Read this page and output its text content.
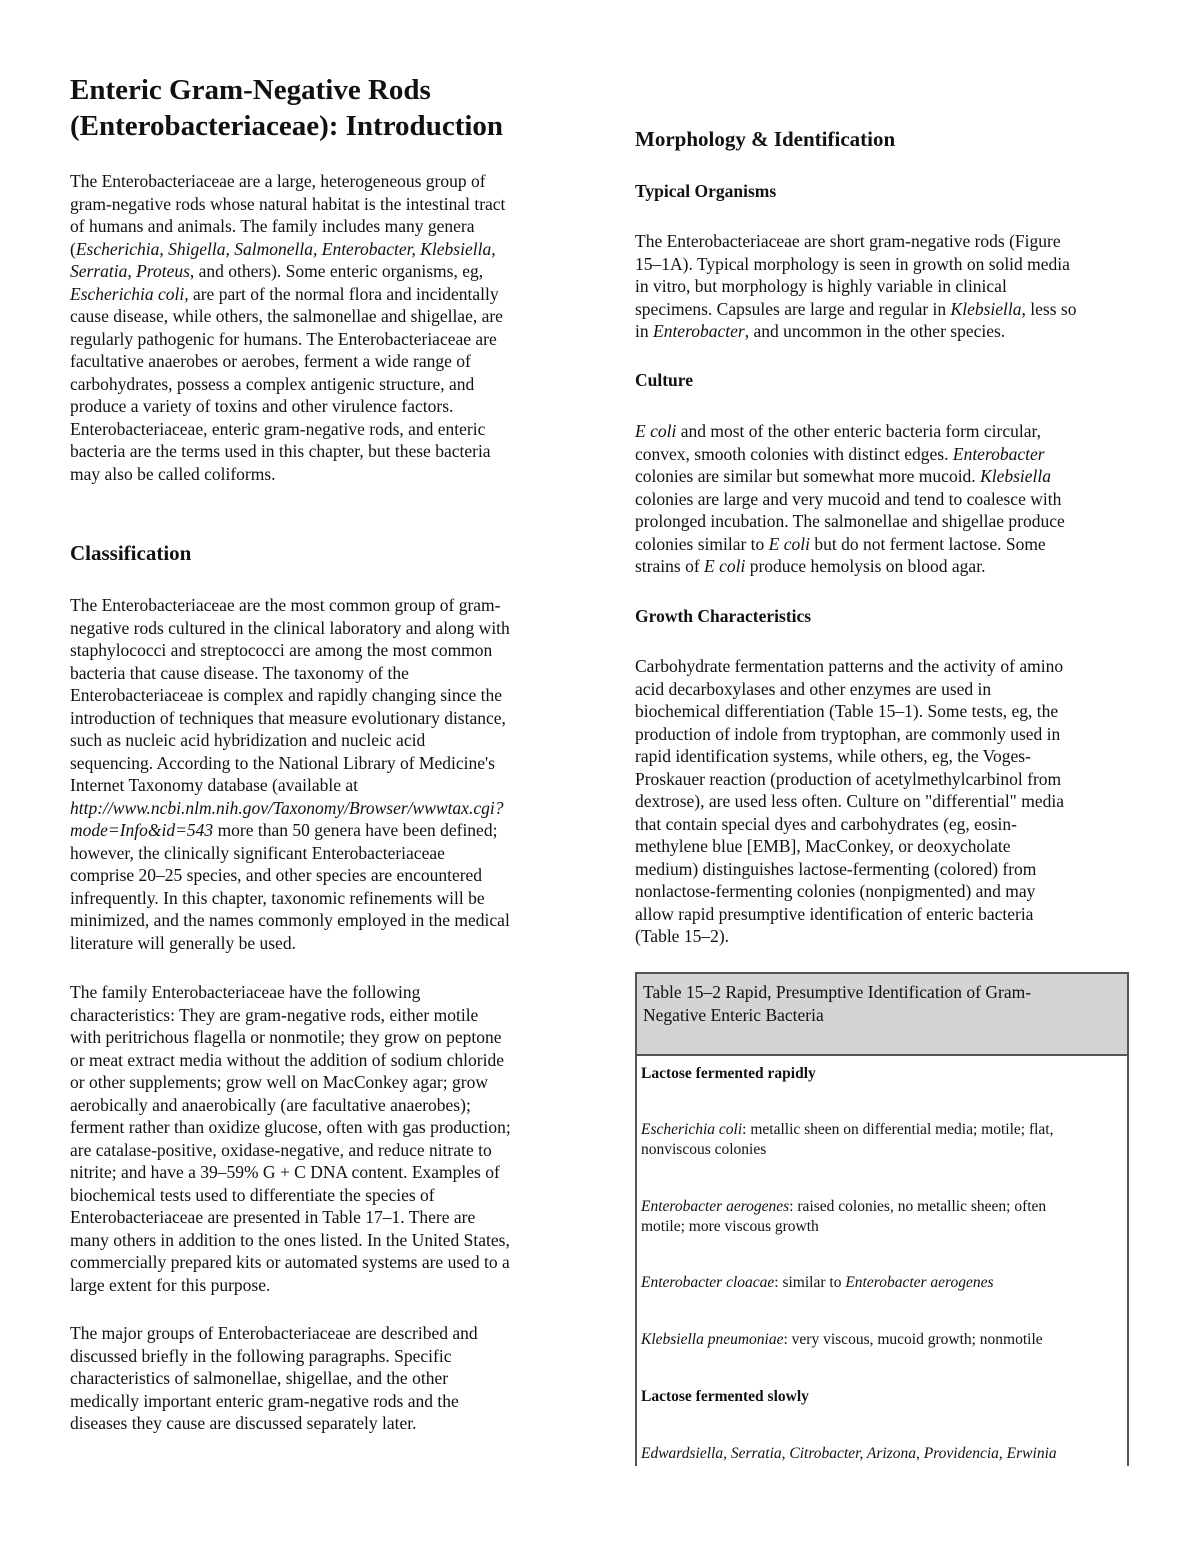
Enteric Gram-Negative Rods
(Enterobacteriaceae): Introduction
The Enterobacteriaceae are a large, heterogeneous group of
gram-negative rods whose natural habitat is the intestinal tract
of humans and animals. The family includes many genera
(Escherichia, Shigella, Salmonella, Enterobacter, Klebsiella,
Serratia, Proteus, and others). Some enteric organisms, eg,
Escherichia coli, are part of the normal flora and incidentally
cause disease, while others, the salmonellae and shigellae, are
regularly pathogenic for humans. The Enterobacteriaceae are
facultative anaerobes or aerobes, ferment a wide range of
carbohydrates, possess a complex antigenic structure, and
produce a variety of toxins and other virulence factors.
Enterobacteriaceae, enteric gram-negative rods, and enteric
bacteria are the terms used in this chapter, but these bacteria
may also be called coliforms.
Classification
The Enterobacteriaceae are the most common group of gram-
negative rods cultured in the clinical laboratory and along with
staphylococci and streptococci are among the most common
bacteria that cause disease. The taxonomy of the
Enterobacteriaceae is complex and rapidly changing since the
introduction of techniques that measure evolutionary distance,
such as nucleic acid hybridization and nucleic acid
sequencing. According to the National Library of Medicine's
Internet Taxonomy database (available at
http://www.ncbi.nlm.nih.gov/Taxonomy/Browser/wwwtax.cgi?
mode=Info&id=543 more than 50 genera have been defined;
however, the clinically significant Enterobacteriaceae
comprise 20–25 species, and other species are encountered
infrequently. In this chapter, taxonomic refinements will be
minimized, and the names commonly employed in the medical
literature will generally be used.
The family Enterobacteriaceae have the following
characteristics: They are gram-negative rods, either motile
with peritrichous flagella or nonmotile; they grow on peptone
or meat extract media without the addition of sodium chloride
or other supplements; grow well on MacConkey agar; grow
aerobically and anaerobically (are facultative anaerobes);
ferment rather than oxidize glucose, often with gas production;
are catalase-positive, oxidase-negative, and reduce nitrate to
nitrite; and have a 39–59% G + C DNA content. Examples of
biochemical tests used to differentiate the species of
Enterobacteriaceae are presented in Table 17–1. There are
many others in addition to the ones listed. In the United States,
commercially prepared kits or automated systems are used to a
large extent for this purpose.
The major groups of Enterobacteriaceae are described and
discussed briefly in the following paragraphs. Specific
characteristics of salmonellae, shigellae, and the other
medically important enteric gram-negative rods and the
diseases they cause are discussed separately later.
Morphology & Identification
Typical Organisms
The Enterobacteriaceae are short gram-negative rods (Figure
15–1A). Typical morphology is seen in growth on solid media
in vitro, but morphology is highly variable in clinical
specimens. Capsules are large and regular in Klebsiella, less so
in Enterobacter, and uncommon in the other species.
Culture
E coli and most of the other enteric bacteria form circular,
convex, smooth colonies with distinct edges. Enterobacter
colonies are similar but somewhat more mucoid. Klebsiella
colonies are large and very mucoid and tend to coalesce with
prolonged incubation. The salmonellae and shigellae produce
colonies similar to E coli but do not ferment lactose. Some
strains of E coli produce hemolysis on blood agar.
Growth Characteristics
Carbohydrate fermentation patterns and the activity of amino
acid decarboxylases and other enzymes are used in
biochemical differentiation (Table 15–1). Some tests, eg, the
production of indole from tryptophan, are commonly used in
rapid identification systems, while others, eg, the Voges-
Proskauer reaction (production of acetylmethylcarbinol from
dextrose), are used less often. Culture on "differential" media
that contain special dyes and carbohydrates (eg, eosin-
methylene blue [EMB], MacConkey, or deoxycholate
medium) distinguishes lactose-fermenting (colored) from
nonlactose-fermenting colonies (nonpigmented) and may
allow rapid presumptive identification of enteric bacteria
(Table 15–2).
Table 15–2 Rapid, Presumptive Identification of Gram-
Negative Enteric Bacteria
Lactose fermented rapidly
Escherichia coli: metallic sheen on differential media; motile; flat,
nonviscous colonies
Enterobacter aerogenes: raised colonies, no metallic sheen; often
motile; more viscous growth
Enterobacter cloacae: similar to Enterobacter aerogenes
Klebsiella pneumoniae: very viscous, mucoid growth; nonmotile
Lactose fermented slowly
Edwardsiella, Serratia, Citrobacter, Arizona, Providencia, Erwinia
